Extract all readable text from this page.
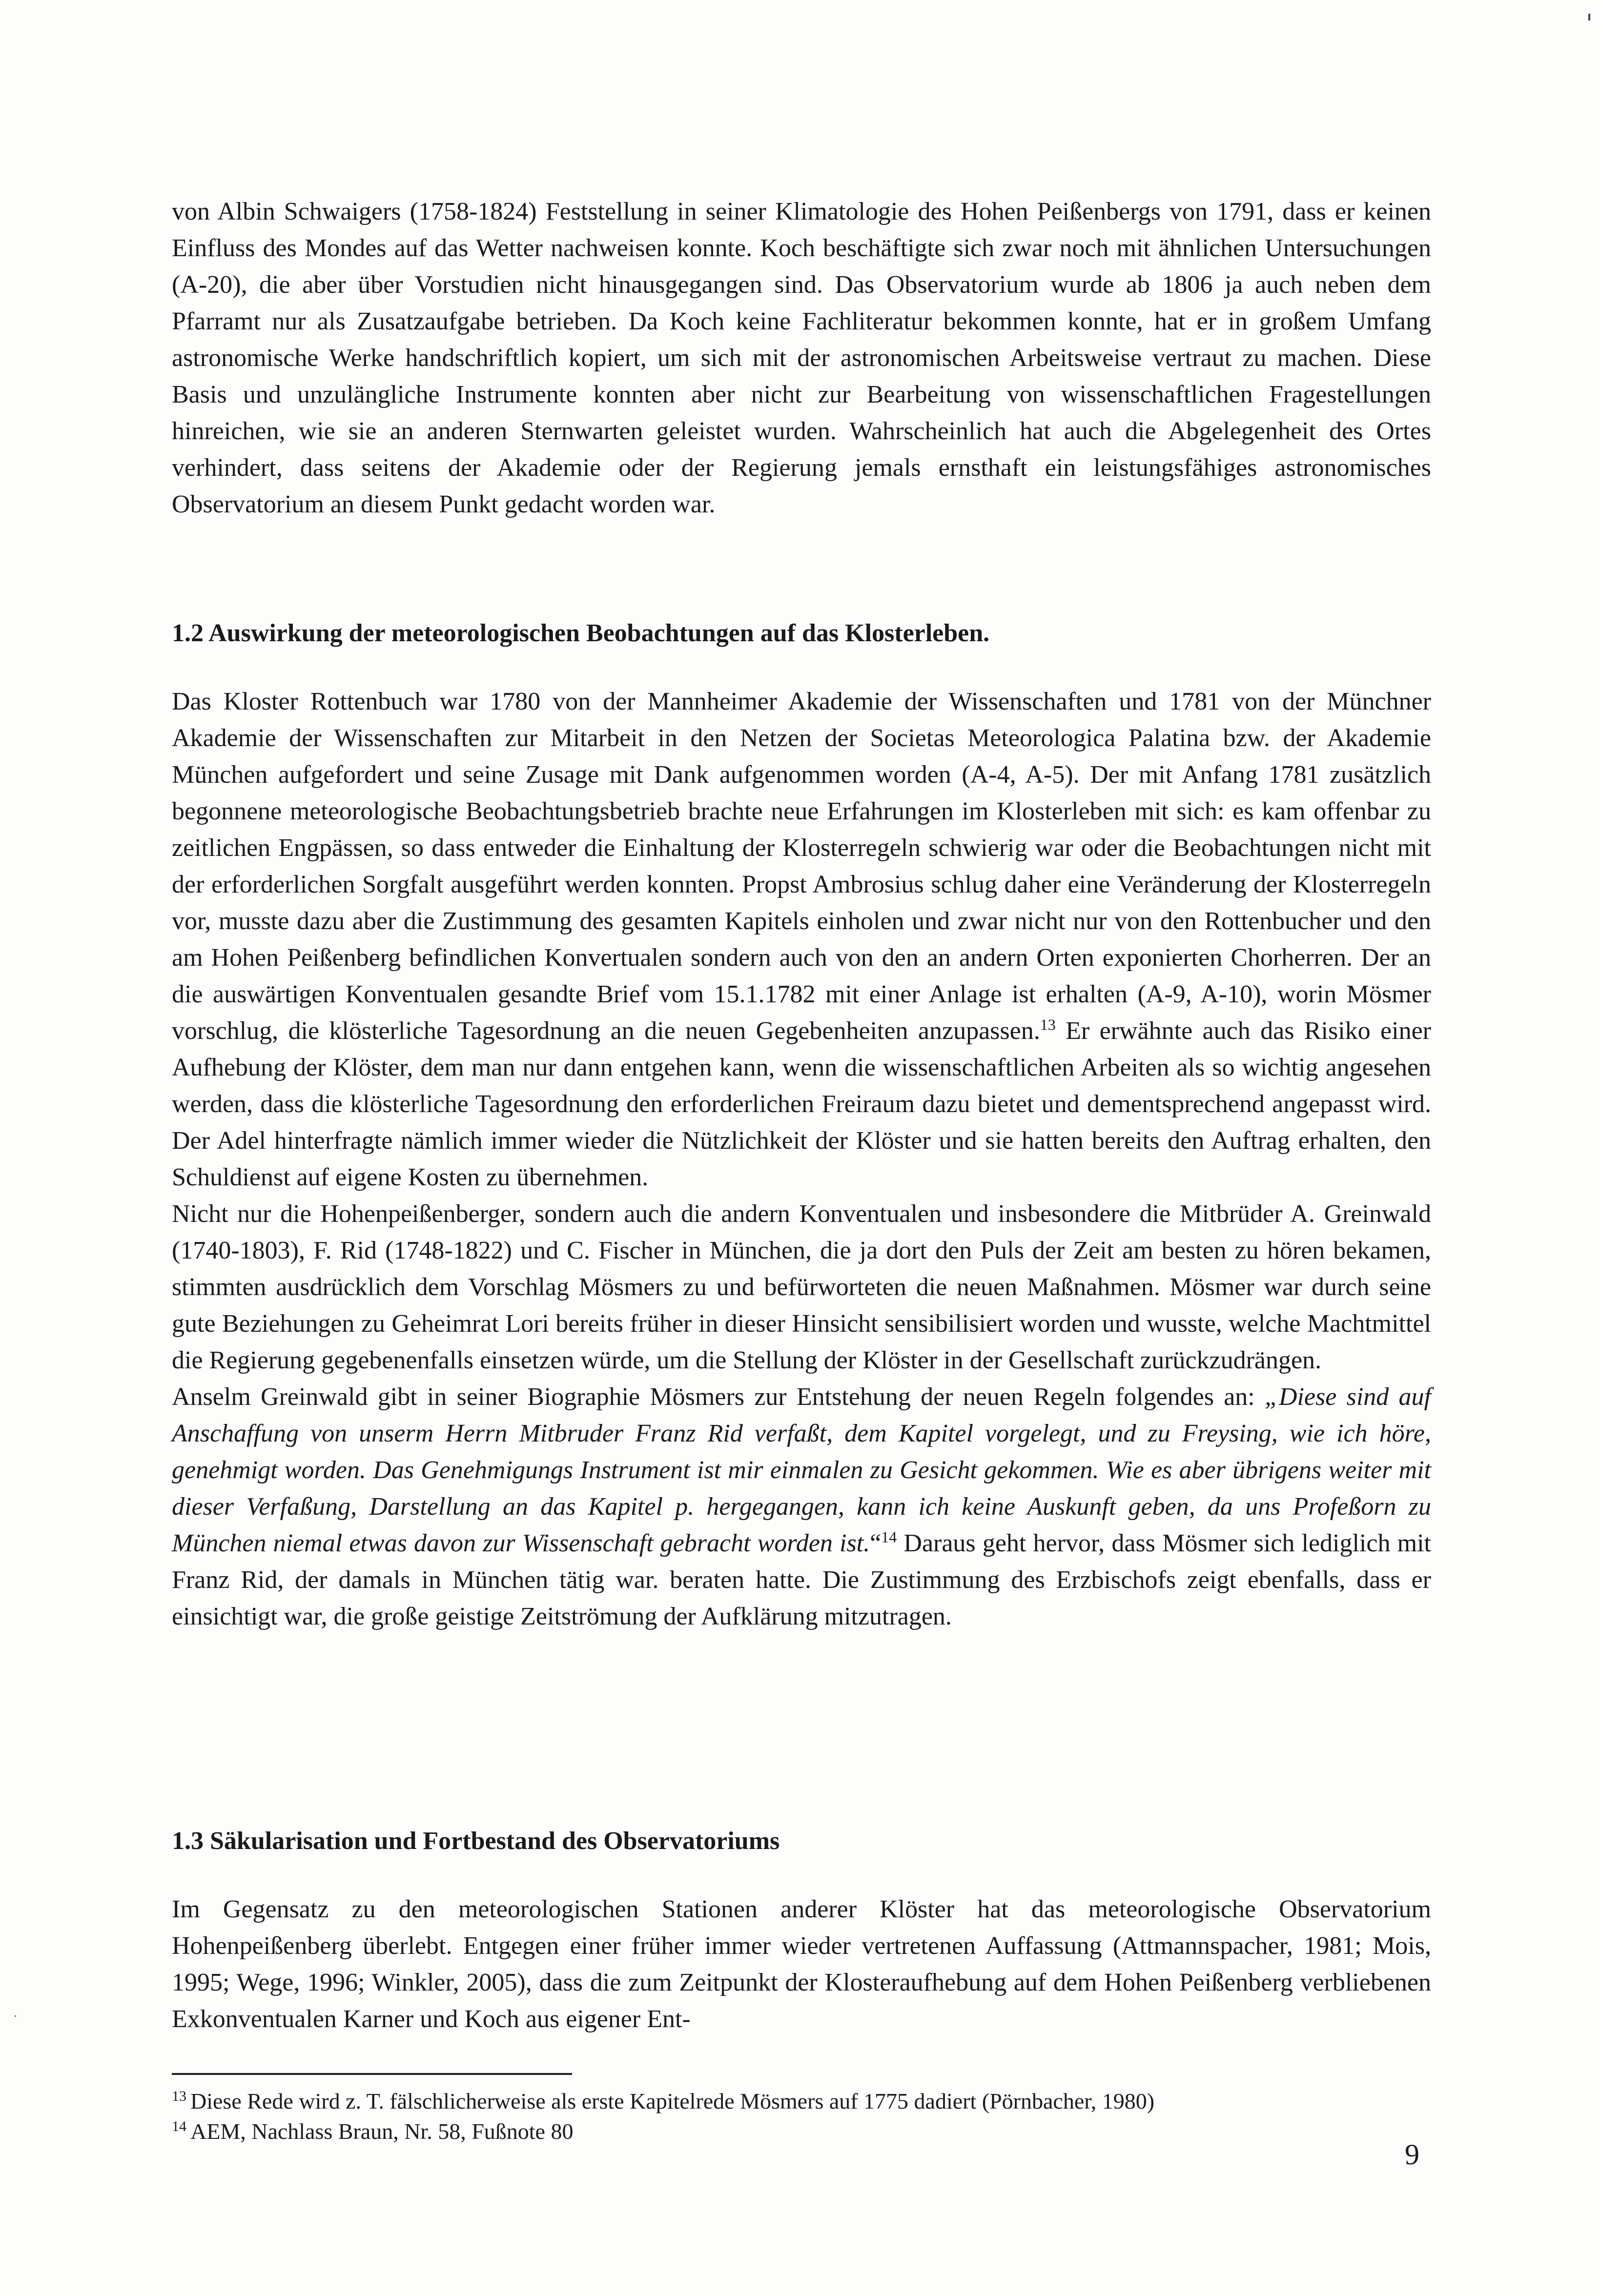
von Albin Schwaigers (1758-1824) Feststellung in seiner Klimatologie des Hohen Peißenbergs von 1791, dass er keinen Einfluss des Mondes auf das Wetter nachweisen konnte. Koch beschäftigte sich zwar noch mit ähnlichen Untersuchungen (A-20), die aber über Vorstudien nicht hinausgegangen sind. Das Observatorium wurde ab 1806 ja auch neben dem Pfarramt nur als Zusatzaufgabe betrieben. Da Koch keine Fachliteratur bekommen konnte, hat er in großem Umfang astronomische Werke handschriftlich kopiert, um sich mit der astronomischen Arbeitsweise vertraut zu machen. Diese Basis und unzulängliche Instrumente konnten aber nicht zur Bearbeitung von wissenschaftlichen Fragestellungen hinreichen, wie sie an anderen Sternwarten geleistet wurden. Wahrscheinlich hat auch die Abgelegenheit des Ortes verhindert, dass seitens der Akademie oder der Regierung jemals ernsthaft ein leistungsfähiges astronomisches Observatorium an diesem Punkt gedacht worden war.

1.2 Auswirkung der meteorologischen Beobachtungen auf das Klosterleben.

Das Kloster Rottenbuch war 1780 von der Mannheimer Akademie der Wissenschaften und 1781 von der Münchner Akademie der Wissenschaften zur Mitarbeit in den Netzen der Societas Meteorologica Palatina bzw. der Akademie München aufgefordert und seine Zusage mit Dank aufgenommen worden (A-4, A-5). Der mit Anfang 1781 zusätzlich begonnene meteorologische Beobachtungsbetrieb brachte neue Erfahrungen im Klosterleben mit sich: es kam offenbar zu zeitlichen Engpässen, so dass entweder die Einhaltung der Klosterregeln schwierig war oder die Beobachtungen nicht mit der erforderlichen Sorgfalt ausgeführt werden konnten. Propst Ambrosius schlug daher eine Veränderung der Klosterregeln vor, musste dazu aber die Zustimmung des gesamten Kapitels einholen und zwar nicht nur von den Rottenbucher und den am Hohen Peißenberg befindlichen Konvertualen sondern auch von den an andern Orten exponierten Chorherren. Der an die auswärtigen Konventualen gesandte Brief vom 15.1.1782 mit einer Anlage ist erhalten (A-9, A-10), worin Mösmer vorschlug, die klösterliche Tagesordnung an die neuen Gegebenheiten anzupassen.$^{13}$ Er erwähnte auch das Risiko einer Aufhebung der Klöster, dem man nur dann entgehen kann, wenn die wissenschaftlichen Arbeiten als so wichtig angesehen werden, dass die klösterliche Tagesordnung den erforderlichen Freiraum dazu bietet und dementsprechend angepasst wird. Der Adel hinterfragte nämlich immer wieder die Nützlichkeit der Klöster und sie hatten bereits den Auftrag erhalten, den Schuldienst auf eigene Kosten zu übernehmen.

Nicht nur die Hohenpeißenberger, sondern auch die andern Konventualen und insbesondere die Mitbrüder A. Greinwald (1740-1803), F. Rid (1748-1822) und C. Fischer in München, die ja dort den Puls der Zeit am besten zu hören bekamen, stimmten ausdrücklich dem Vorschlag Mösmers zu und befürworteten die neuen Maßnahmen. Mösmer war durch seine gute Beziehungen zu Geheimrat Lori bereits früher in dieser Hinsicht sensibilisiert worden und wusste, welche Machtmittel die Regierung gegebenenfalls einsetzen würde, um die Stellung der Klöster in der Gesellschaft zurückzudrängen.

Anselm Greinwald gibt in seiner Biographie Mösmers zur Entstehung der neuen Regeln folgendes an: „Diese sind auf Anschaffung von unserm Herrn Mitbruder Franz Rid verfaßt, dem Kapitel vorgelegt, und zu Freysing, wie ich höre, genehmigt worden. Das Genehmigungs Instrument ist mir einmalen zu Gesicht gekommen. Wie es aber übrigens weiter mit dieser Verfaßung, Darstellung an das Kapitel p. hergegangen, kann ich keine Auskunft geben, da uns Profeßorn zu München niemal etwas davon zur Wissenschaft gebracht worden ist.“$^{14}$ Daraus geht hervor, dass Mösmer sich lediglich mit Franz Rid, der damals in München tätig war. beraten hatte. Die Zustimmung des Erzbischofs zeigt ebenfalls, dass er einsichtigt war, die große geistige Zeitströmung der Aufklärung mitzutragen.

1.3 Säkularisation und Fortbestand des Observatoriums

Im Gegensatz zu den meteorologischen Stationen anderer Klöster hat das meteorologische Observatorium Hohenpeißenberg überlebt. Entgegen einer früher immer wieder vertretenen Auffassung (Attmannspacher, 1981; Mois, 1995; Wege, 1996; Winkler, 2005), dass die zum Zeitpunkt der Klosteraufhebung auf dem Hohen Peißenberg verbliebenen Exkonventualen Karner und Koch aus eigener Ent-

$^{13}$ Diese Rede wird z. T. fälschlicherweise als erste Kapitelrede Mösmers auf 1775 dadiert (Pörnbacher, 1980)

$^{14}$ AEM, Nachlass Braun, Nr. 58, Fußnote 80

9
